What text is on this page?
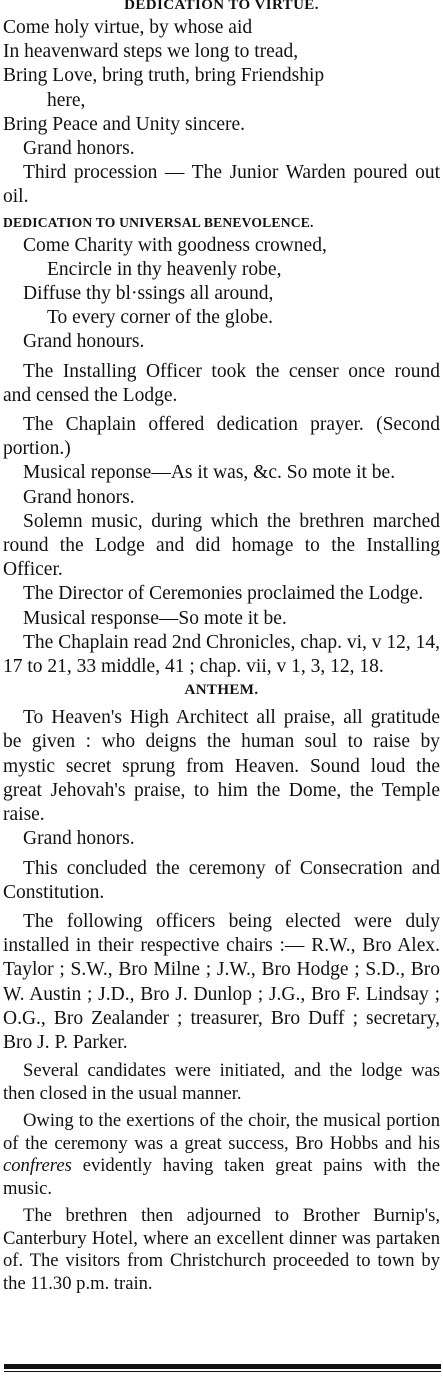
DEDICATION TO VIRTUE.
Come holy virtue, by whose aid
In heavenward steps we long to tread,
Bring Love, bring truth, bring Friendship
here,
Bring Peace and Unity sincere.

Grand honors.

Third procession — The Junior Warden poured out oil.

DEDICATION TO UNIVERSAL BENEVOLENCE.
Come Charity with goodness crowned,
Encircle in thy heavenly robe,
Diffuse thy bl·ssings all around,
To every corner of the globe.

Grand honours.

The Installing Officer took the censer once round and censed the Lodge.

The Chaplain offered dedication prayer. (Second portion.)

Musical reponse—As it was, &c. So mote it be.

Grand honors.

Solemn music, during which the brethren marched round the Lodge and did homage to the Installing Officer.

The Director of Ceremonies proclaimed the Lodge.

Musical response—So mote it be.

The Chaplain read 2nd Chronicles, chap. vi, v 12, 14, 17 to 21, 33 middle, 41 ; chap. vii, v 1, 3, 12, 18.

ANTHEM.

To Heaven's High Architect all praise, all gratitude be given : who deigns the human soul to raise by mystic secret sprung from Heaven. Sound loud the great Jehovah's praise, to him the Dome, the Temple raise.

Grand honors.

This concluded the ceremony of Consecration and Constitution.

The following officers being elected were duly installed in their respective chairs :— R.W., Bro Alex. Taylor ; S.W., Bro Milne ; J.W., Bro Hodge ; S.D., Bro W. Austin ; J.D., Bro J. Dunlop ; J.G., Bro F. Lindsay ; O.G., Bro Zealander ; treasurer, Bro Duff ; secretary, Bro J. P. Parker.

Several candidates were initiated, and the lodge was then closed in the usual manner.

Owing to the exertions of the choir, the musical portion of the ceremony was a great success, Bro Hobbs and his confreres evidently having taken great pains with the music.

The brethren then adjourned to Brother Burnip's, Canterbury Hotel, where an excellent dinner was partaken of. The visitors from Christchurch proceeded to town by the 11.30 p.m. train.
